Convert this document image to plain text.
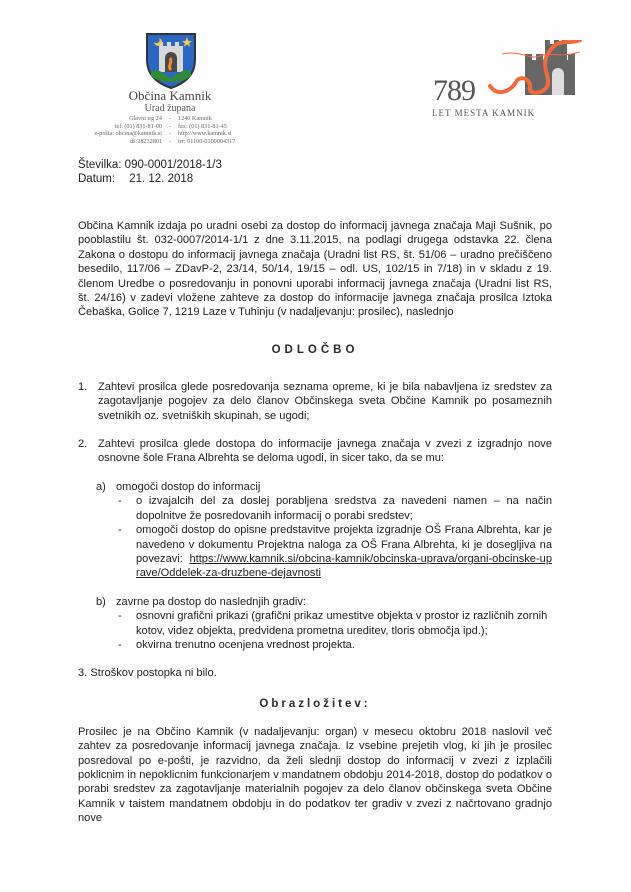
Občina Kamnik
Urad župana
Glavni trg 24
tel: (01) 831-81-00
e-pošta: obcina@kamnik.si
dš:28232801
-
-
-
-
1240 Kamnik
fax: (01) 831-81-45
http://www.kamnik.si
trr: 01100-0100004317
789
LET MESTA KAMNIK
Številka: 090-0001/2018-1/3
Datum: 21. 12. 2018
Občina Kamnik izdaja po uradni osebi za dostop do informacij javnega značaja Maji Sušnik, po pooblastilu št. 032-0007/2014-1/1 z dne 3.11.2015, na podlagi drugega odstavka 22. člena Zakona o dostopu do informacij javnega značaja (Uradni list RS, št. 51/06 – uradno prečiščeno besedilo, 117/06 – ZDavP-2, 23/14, 50/14, 19/15 – odl. US, 102/15 in 7/18) in v skladu z 19. členom Uredbe o posredovanju in ponovni uporabi informacij javnega značaja (Uradni list RS, št. 24/16) v zadevi vložene zahteve za dostop do informacije javnega značaja prosilca Iztoka Čebaška, Golice 7, 1219 Laze v Tuhinju (v nadaljevanju: prosilec), naslednjo
ODLOČBO
1. Zahtevi prosilca glede posredovanja seznama opreme, ki je bila nabavljena iz sredstev za zagotavljanje pogojev za delo članov Občinskega sveta Občine Kamnik po posameznih svetnikih oz. svetniških skupinah, se ugodi;
2. Zahtevi prosilca glede dostopa do informacije javnega značaja v zvezi z izgradnjo nove osnovne šole Frana Albrehta se deloma ugodi, in sicer tako, da se mu:
a) omogoči dostop do informacij
- o izvajalcih del za doslej porabljena sredstva za navedeni namen – na način dopolnitve že posredovanih informacij o porabi sredstev;
- omogoči dostop do opisne predstavitve projekta izgradnje OŠ Frana Albrehta, kar je navedeno v dokumentu Projektna naloga za OŠ Frana Albrehta, ki je dosegljiva na povezavi: https://www.kamnik.si/obcina-kamnik/obcinska-uprava/organi-obcinske-uprave/Oddelek-za-druzbene-dejavnosti
b) zavrne pa dostop do naslednjih gradiv:
- osnovni grafični prikazi (grafični prikaz umestitve objekta v prostor iz različnih zornih kotov, videz objekta, predvidena prometna ureditev, tloris območja ipd.);
- okvirna trenutno ocenjena vrednost projekta.
3. Stroškov postopka ni bilo.
Obrazložitev:
Prosilec je na Občino Kamnik (v nadaljevanju: organ) v mesecu oktobru 2018 naslovil več zahtev za posredovanje informacij javnega značaja. Iz vsebine prejetih vlog, ki jih je prosilec posredoval po e-pošti, je razvidno, da želi slednji dostop do informacij v zvezi z izplačili poklicnim in nepoklicnim funkcionarjem v mandatnem obdobju 2014-2018, dostop do podatkov o porabi sredstev za zagotavljanje materialnih pogojev za delo članov občinskega sveta Občine Kamnik v taistem mandatnem obdobju in do podatkov ter gradiv v zvezi z načrtovano gradnjo nove
